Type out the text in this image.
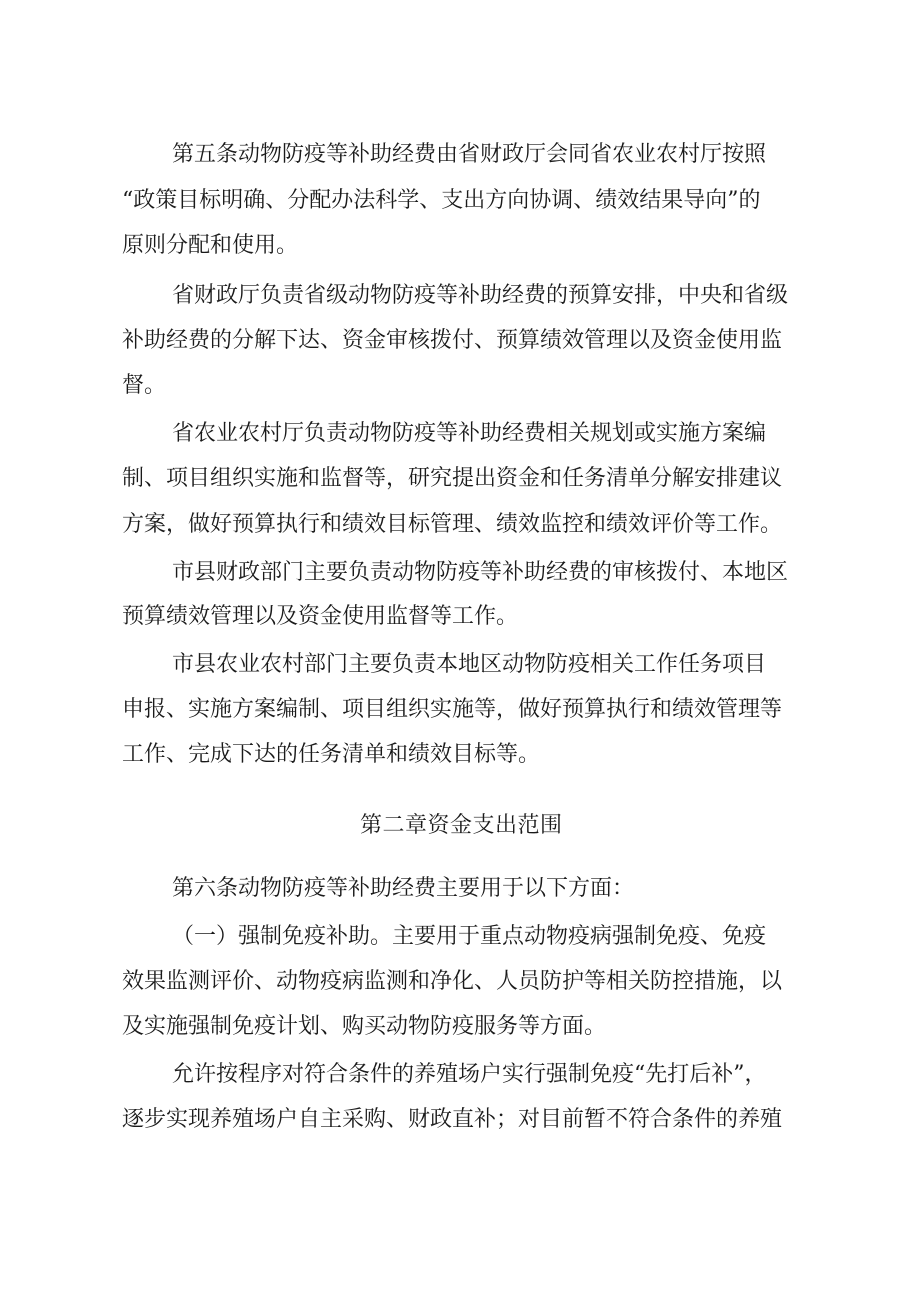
第五条动物防疫等补助经费由省财政厅会同省农业农村厅按照
“政策目标明确、分配办法科学、支出方向协调、绩效结果导向”的
原则分配和使用。
省财政厅负责省级动物防疫等补助经费的预算安排，中央和省级
补助经费的分解下达、资金审核拨付、预算绩效管理以及资金使用监
督。
省农业农村厅负责动物防疫等补助经费相关规划或实施方案编
制、项目组织实施和监督等，研究提出资金和任务清单分解安排建议
方案，做好预算执行和绩效目标管理、绩效监控和绩效评价等工作。
市县财政部门主要负责动物防疫等补助经费的审核拨付、本地区
预算绩效管理以及资金使用监督等工作。
市县农业农村部门主要负责本地区动物防疫相关工作任务项目
申报、实施方案编制、项目组织实施等，做好预算执行和绩效管理等
工作、完成下达的任务清单和绩效目标等。
第二章资金支出范围
第六条动物防疫等补助经费主要用于以下方面：
（一）强制免疫补助。主要用于重点动物疫病强制免疫、免疫
效果监测评价、动物疫病监测和净化、人员防护等相关防控措施，以
及实施强制免疫计划、购买动物防疫服务等方面。
允许按程序对符合条件的养殖场户实行强制免疫“先打后补”，
逐步实现养殖场户自主采购、财政直补；对目前暂不符合条件的养殖
